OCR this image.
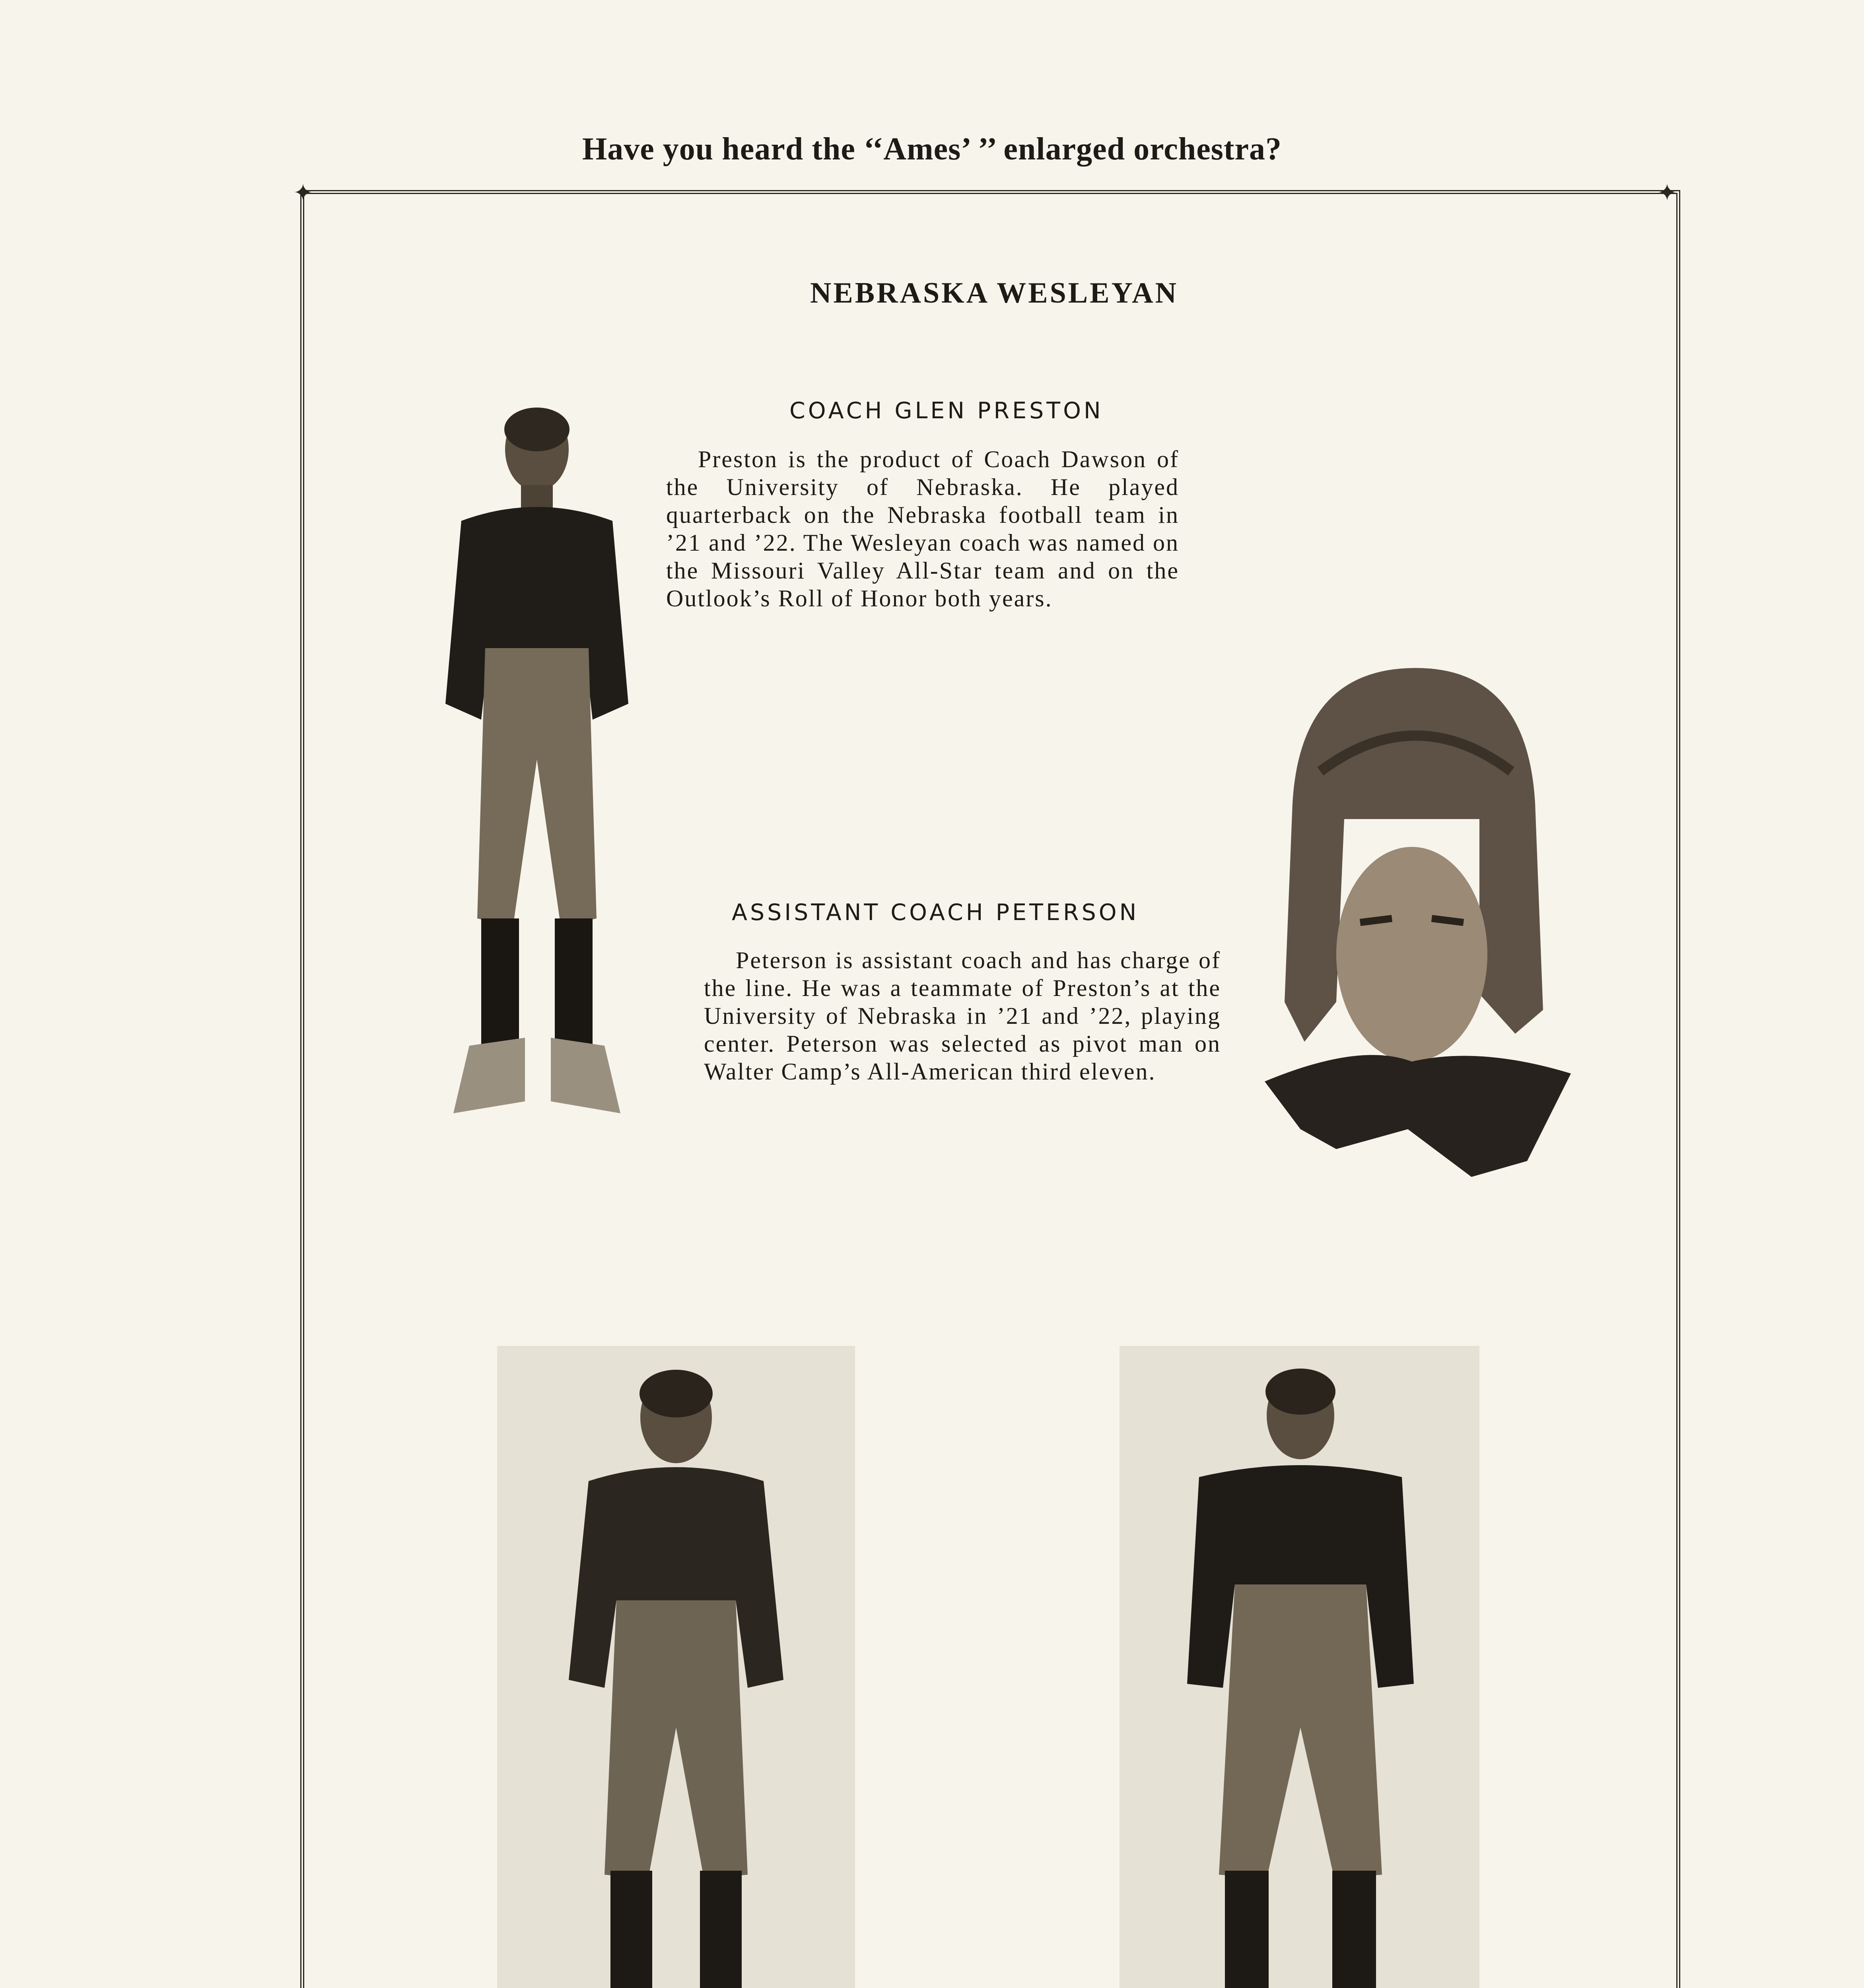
Have you heard the ‘‘Ames’ ’’ enlarged orchestra?
✦	✦
NEBRASKA WESLEYAN
COACH GLEN PRESTON
Preston is the product of Coach Dawson of the University of Nebraska. He played quarterback on the Nebraska football team in ’21 and ’22. The Wesleyan coach was named on the Missouri Valley All-Star team and on the Outlook’s Roll of Honor both years.
ASSISTANT COACH PETERSON
Peterson is assistant coach and has charge of the line. He was a teammate of Preston’s at the University of Nebraska in ’21 and ’22, playing center. Peterson was selected as pivot man on Walter Camp’s All-American third eleven.
